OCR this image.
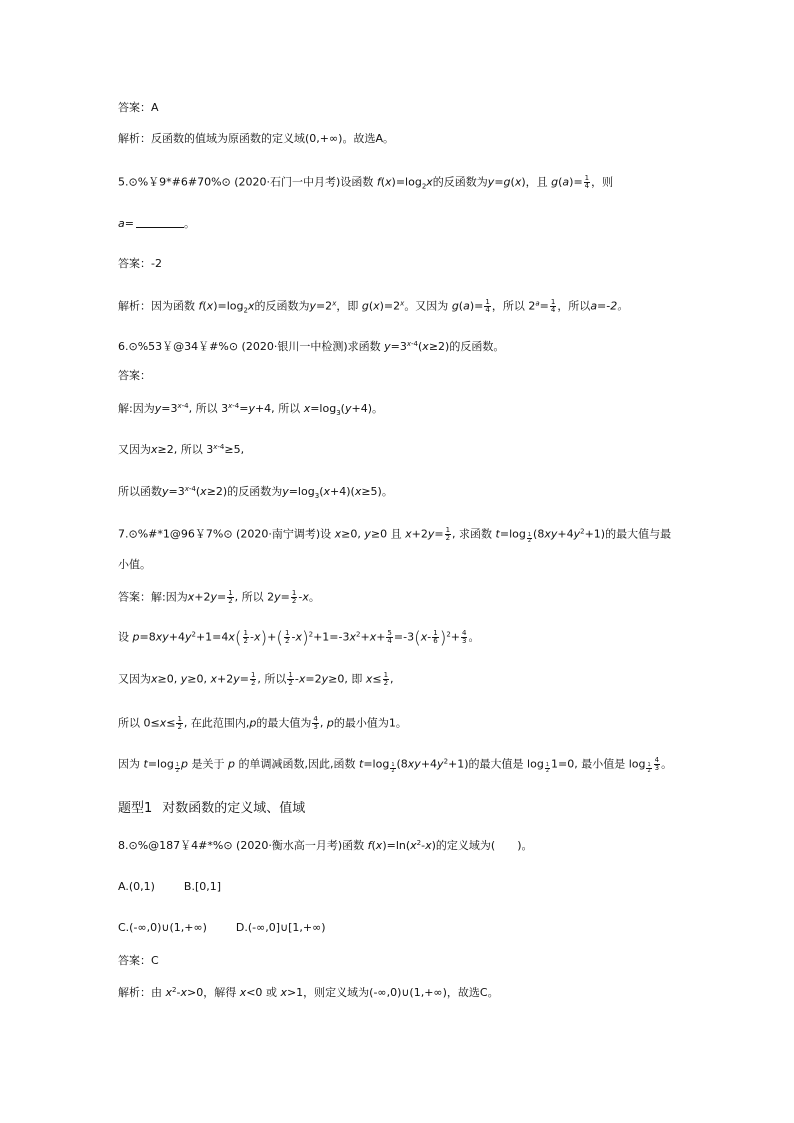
答案：A
解析：反函数的值域为原函数的定义域(0,+∞)。故选A。
5.⊙%￥9*#6#70%⊙ (2020·石门一中月考)设函数 $f(x)=\log_2x$的反函数为y=g(x)，且 $g(a)= \frac{1}{4}$ ，则
a=	。
答案：-2
解析：因为函数 $f(x)=\log_2x$的反函数为$y=2^x$，即 $g(x)=2^x$。又因为 $g(a)= \frac{1}{4}$ ，所以 $2^a= \frac{1}{4}$ ，所以a=-2。
6.⊙%53￥@34￥#%⊙ (2020·银川一中检测)求函数 $y=3^{x-4}(x\ge 2)$的反函数。
答案：
解:因为$y=3^{x-4}$, 所以 $3^{x-4}=y+4$, 所以 $x=\log_3(y+4)$。
又因为x≥2, 所以 $3^{x-4}\ge 5$,
所以函数$y=3^{x-4}(x\ge 2)$的反函数为$y=\log_3(x+4)(x\ge 5)$。
7.⊙%#*1@96￥7%⊙ (2020·南宁调考)设 x≥0, y≥0 且 $x+2y= \frac{1}{2}$ , 求函数 t=log $_{\frac{1}{2}}$ $(8xy+4y^2+1)$的最大值与最
小值。
答案：解:因为$x+2y= \frac{1}{2}$ , 所以 $2y= \frac{1}{2} -x$。
设 $p=8xy+4y^2+1=4x( \frac{1}{2} -x)+( \frac{1}{2} -x)^2+1=-3x^2+x+ \frac{5}{4} =-3(x- \frac{1}{6} )^2+ \frac{4}{3}$ 。
又因为x≥0, y≥0, $x+2y= \frac{1}{2}$ , 所以 $\frac{1}{2} -x=2y\ge 0$, 即 $x\le \frac{1}{2}$ ,
所以 $0\le x\le \frac{1}{2}$ , 在此范围内,p的最大值为 $\frac{4}{3}$ , p的最小值为1。
因为 t=log $_{\frac{1}{2}}$ p 是关于 p 的单调减函数,因此,函数 t=log $_{\frac{1}{2}}$ $(8xy+4y^2+1)$的最大值是 log $_{\frac{1}{2}}$ 1=0, 最小值是 $\log _{\frac{1}{2}} \frac{4}{3}$ 。
题型1 对数函数的定义域、值域
8.⊙%@187￥4#*%⊙ (2020·衡水高一月考)函数 $f(x)=\ln(x^2-x)$的定义域为(　　)。
A.(0,1)	B.[0,1]
C.(-∞,0)∪(1,+∞)	D.(-∞,0]∪[1,+∞)
答案：C
解析：由 $x^2-x>0$，解得 x<0 或 x>1，则定义域为(-∞,0)∪(1,+∞)，故选C。
